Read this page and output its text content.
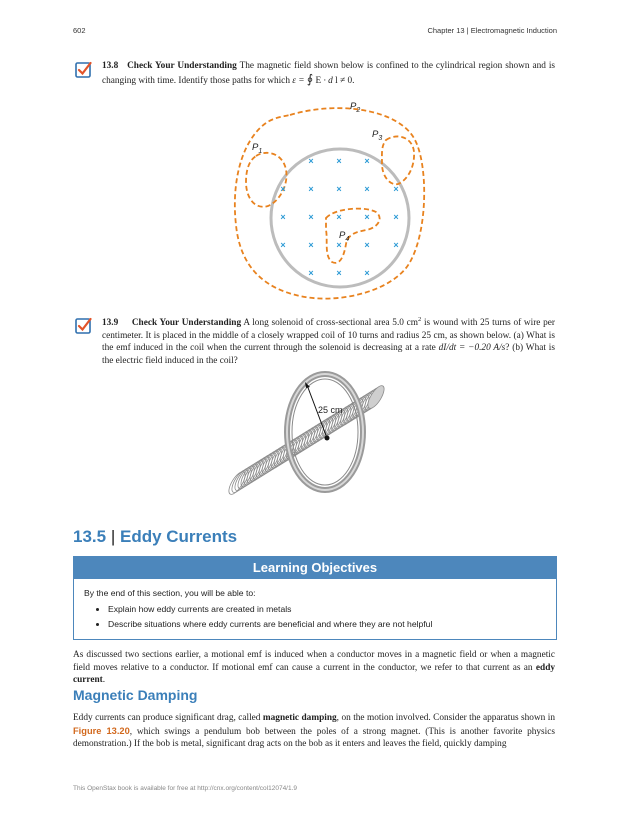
602	Chapter 13 | Electromagnetic Induction
13.8 Check Your Understanding The magnetic field shown below is confined to the cylindrical region shown and is changing with time. Identify those paths for which ε = ∮ E · d l ≠ 0.
×	×	×
×	×	×	×	×
×	×	×	×	×
×	×	×	×	×
×	×	×
$P_2$
$P_1$
$P_3$
$P_4$
13.9 Check Your Understanding A long solenoid of cross-sectional area 5.0 $cm^2$ is wound with 25 turns of wire per centimeter. It is placed in the middle of a closely wrapped coil of 10 turns and radius 25 cm, as shown below. (a) What is the emf induced in the coil when the current through the solenoid is decreasing at a rate dI/dt = −0.20 A/s? (b) What is the electric field induced in the coil?
25 cm
13.5 | Eddy Currents
Learning Objectives
By the end of this section, you will be able to:
• Explain how eddy currents are created in metals
• Describe situations where eddy currents are beneficial and where they are not helpful
As discussed two sections earlier, a motional emf is induced when a conductor moves in a magnetic field or when a magnetic field moves relative to a conductor. If motional emf can cause a current in the conductor, we refer to that current as an eddy current.
Magnetic Damping
Eddy currents can produce significant drag, called magnetic damping, on the motion involved. Consider the apparatus shown in Figure 13.20, which swings a pendulum bob between the poles of a strong magnet. (This is another favorite physics demonstration.) If the bob is metal, significant drag acts on the bob as it enters and leaves the field, quickly damping
This OpenStax book is available for free at http://cnx.org/content/col12074/1.9
